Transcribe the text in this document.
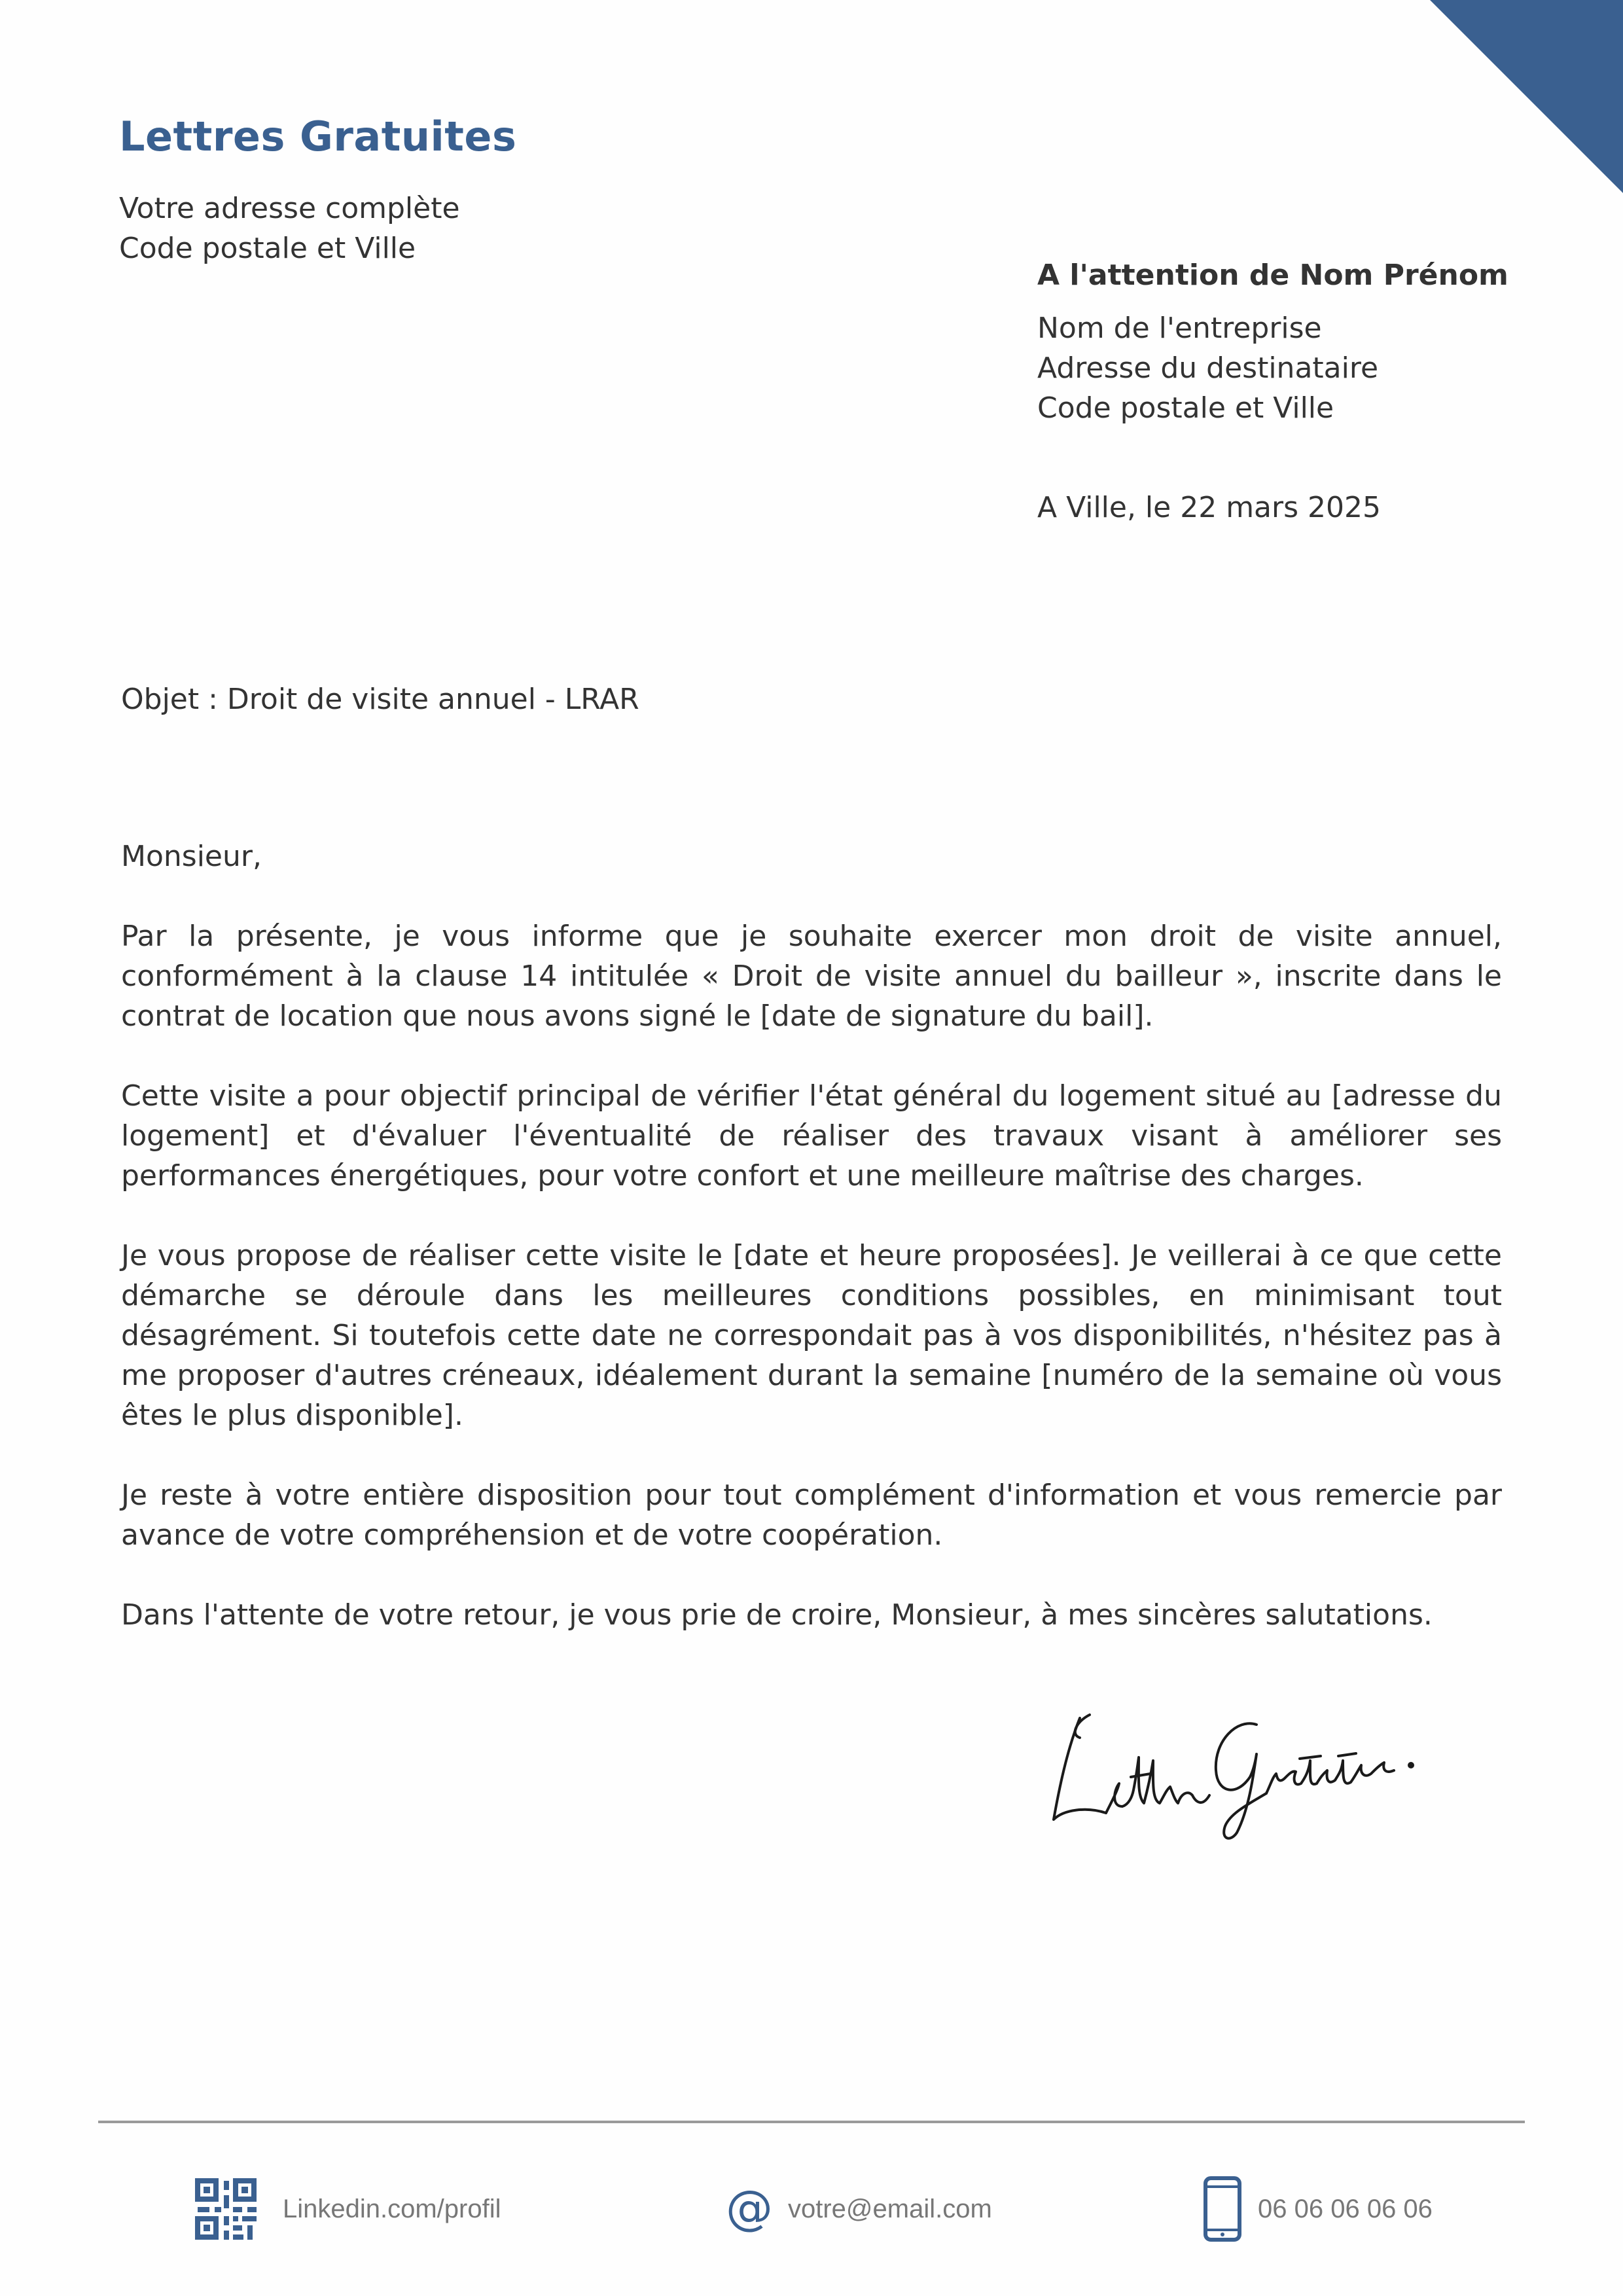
Lettres Gratuites
Votre adresse complète
Code postale et Ville
A l'attention de Nom Prénom
Nom de l'entreprise
Adresse du destinataire
Code postale et Ville
A Ville, le 22 mars 2025
Objet : Droit de visite annuel - LRAR

Monsieur,

Par la présente, je vous informe que je souhaite exercer mon droit de visite annuel, conformément à la clause 14 intitulée « Droit de visite annuel du bailleur », inscrite dans le contrat de location que nous avons signé le [date de signature du bail].

Cette visite a pour objectif principal de vérifier l'état général du logement situé au [adresse du logement] et d'évaluer l'éventualité de réaliser des travaux visant à améliorer ses performances énergétiques, pour votre confort et une meilleure maîtrise des charges.

Je vous propose de réaliser cette visite le [date et heure proposées]. Je veillerai à ce que cette démarche se déroule dans les meilleures conditions possibles, en minimisant tout désagrément. Si toutefois cette date ne correspondait pas à vos disponibilités, n'hésitez pas à me proposer d'autres créneaux, idéalement durant la semaine [numéro de la semaine où vous êtes le plus disponible].

Je reste à votre entière disposition pour tout complément d'information et vous remercie par avance de votre compréhension et de votre coopération.

Dans l'attente de votre retour, je vous prie de croire, Monsieur, à mes sincères salutations.

Linkedin.com/profil	@ votre@email.com	06 06 06 06 06
